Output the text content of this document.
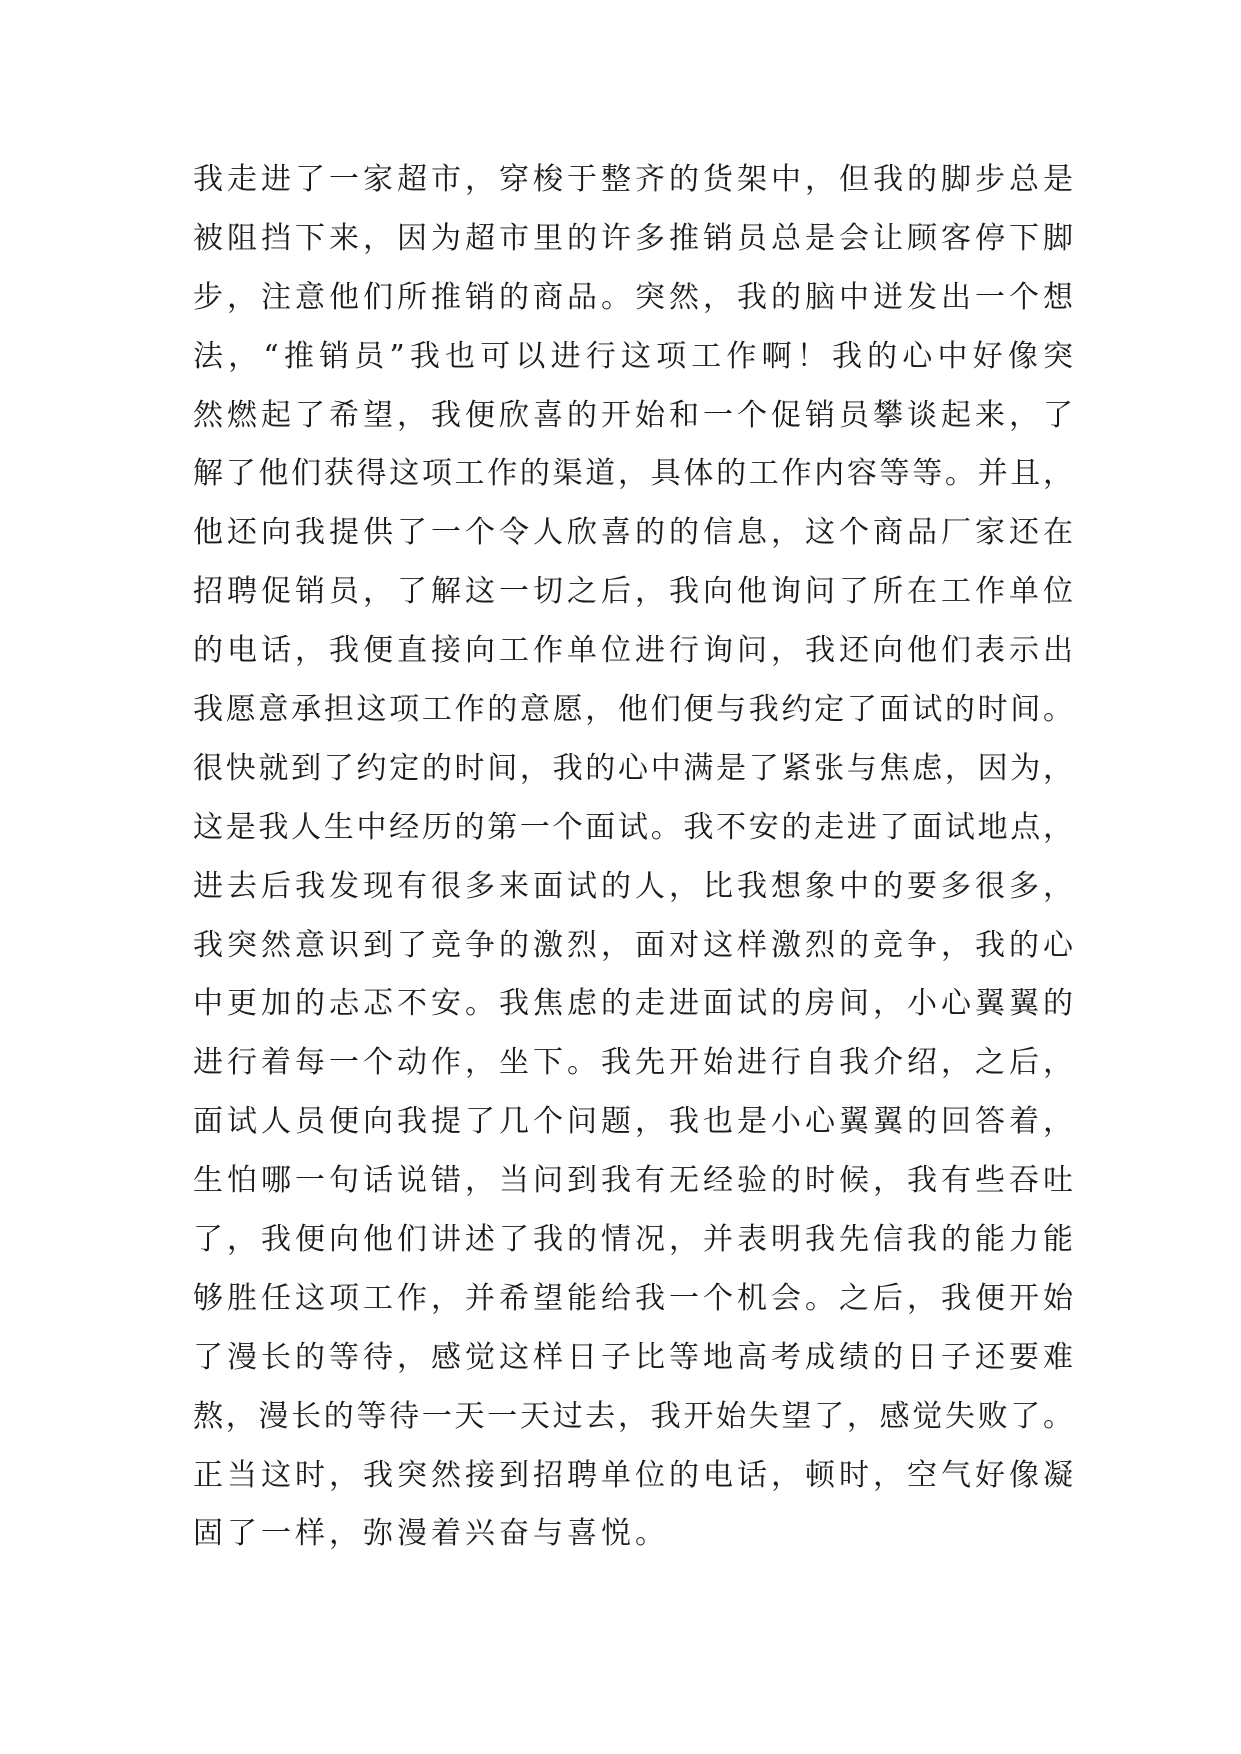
我走进了一家超市，穿梭于整齐的货架中，但我的脚步总是
被阻挡下来，因为超市里的许多推销员总是会让顾客停下脚
步，注意他们所推销的商品。突然，我的脑中迸发出一个想
法，“推销员”我也可以进行这项工作啊！我的心中好像突
然燃起了希望，我便欣喜的开始和一个促销员攀谈起来，了
解了他们获得这项工作的渠道，具体的工作内容等等。并且，
他还向我提供了一个令人欣喜的的信息，这个商品厂家还在
招聘促销员，了解这一切之后，我向他询问了所在工作单位
的电话，我便直接向工作单位进行询问，我还向他们表示出
我愿意承担这项工作的意愿，他们便与我约定了面试的时间。
很快就到了约定的时间，我的心中满是了紧张与焦虑，因为，
这是我人生中经历的第一个面试。我不安的走进了面试地点，
进去后我发现有很多来面试的人，比我想象中的要多很多，
我突然意识到了竞争的激烈，面对这样激烈的竞争，我的心
中更加的忐忑不安。我焦虑的走进面试的房间，小心翼翼的
进行着每一个动作，坐下。我先开始进行自我介绍，之后，
面试人员便向我提了几个问题，我也是小心翼翼的回答着，
生怕哪一句话说错，当问到我有无经验的时候，我有些吞吐
了，我便向他们讲述了我的情况，并表明我先信我的能力能
够胜任这项工作，并希望能给我一个机会。之后，我便开始
了漫长的等待，感觉这样日子比等地高考成绩的日子还要难
熬，漫长的等待一天一天过去，我开始失望了，感觉失败了。
正当这时，我突然接到招聘单位的电话，顿时，空气好像凝
固了一样，弥漫着兴奋与喜悦。
